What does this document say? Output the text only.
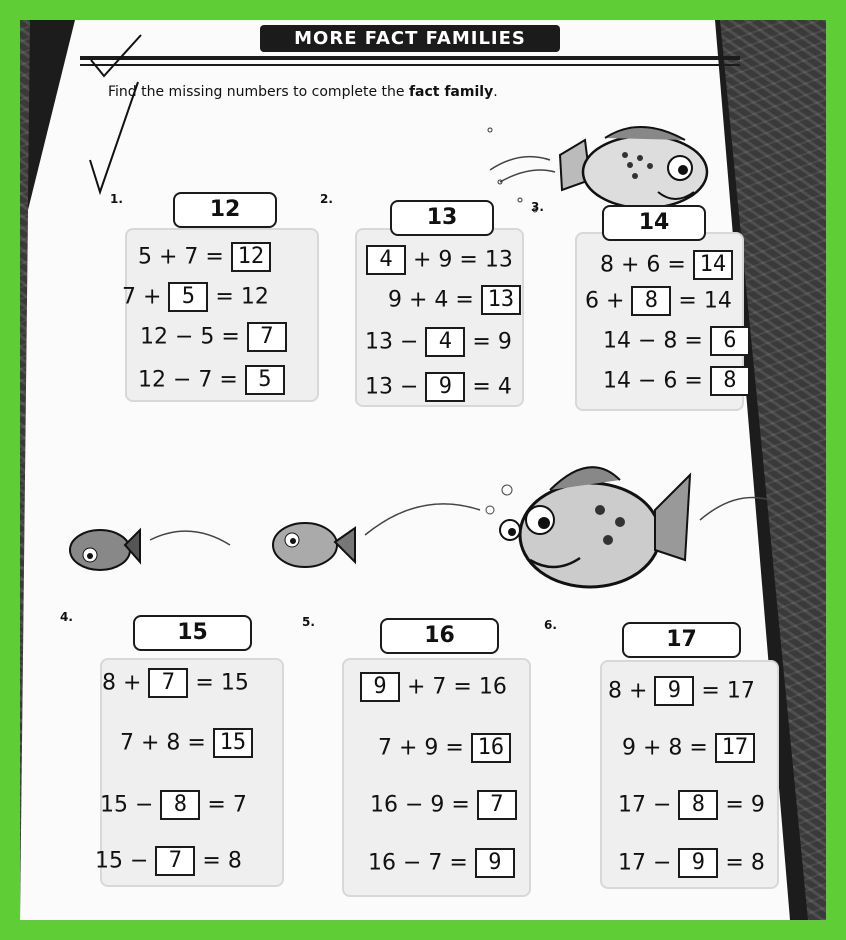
MORE FACT FAMILIES
Find the missing numbers to complete the fact family.
1.	12
5 + 7 = 12
7 + 5 = 12
12 − 5 = 7
12 − 7 = 5
2.
13
4 + 9 = 13
9 + 4 = 13
13 − 4 = 9
13 − 9 = 4
3.
14
8 + 6 = 14
6 + 8 = 14
14 − 8 = 6
14 − 6 = 8
4.
15
8 + 7 = 15
7 + 8 = 15
15 − 8 = 7
15 − 7 = 8
5.
16
9 + 7 = 16
7 + 9 = 16
16 − 9 = 7
16 − 7 = 9
6.
17
8 + 9 = 17
9 + 8 = 17
17 − 8 = 9
17 − 9 = 8
